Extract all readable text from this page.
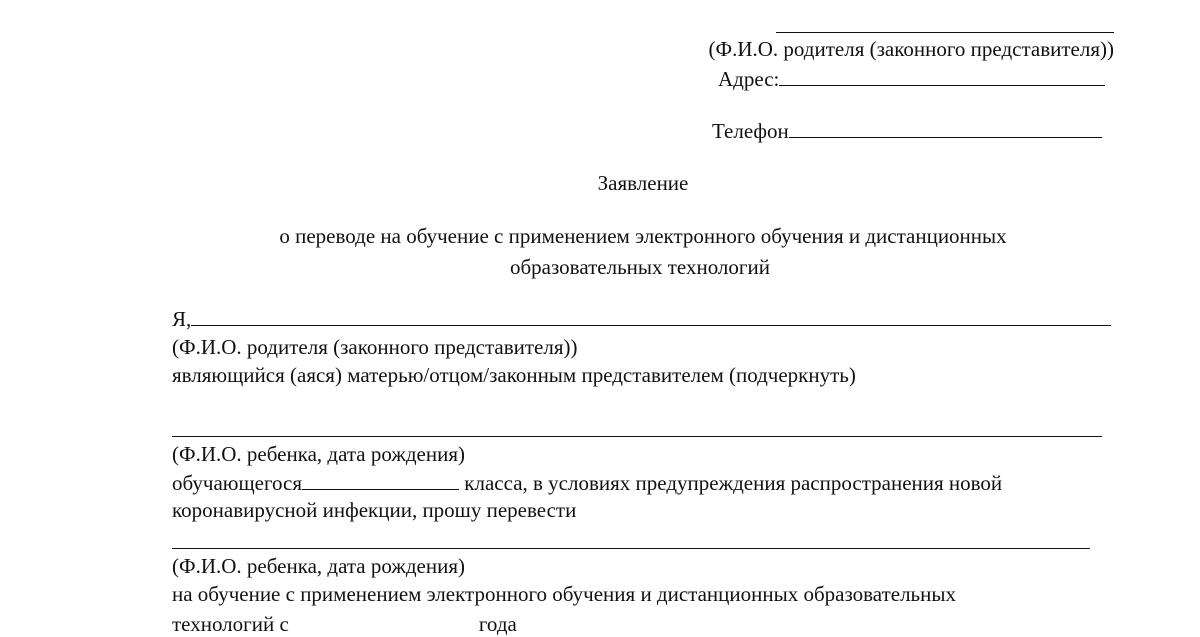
(Ф.И.О. родителя (законного представителя))
Адрес:
Телефон
Заявление
о переводе на обучение с применением электронного обучения и дистанционных
образовательных технологий
Я,
(Ф.И.О. родителя (законного представителя))
являющийся (аяся) матерью/отцом/законным представителем (подчеркнуть)
(Ф.И.О. ребенка, дата рождения)
обучающегося	класса, в условиях предупреждения распространения новой
коронавирусной инфекции, прошу перевести
(Ф.И.О. ребенка, дата рождения)
на обучение с применением электронного обучения и дистанционных образовательных
технологий с	года
